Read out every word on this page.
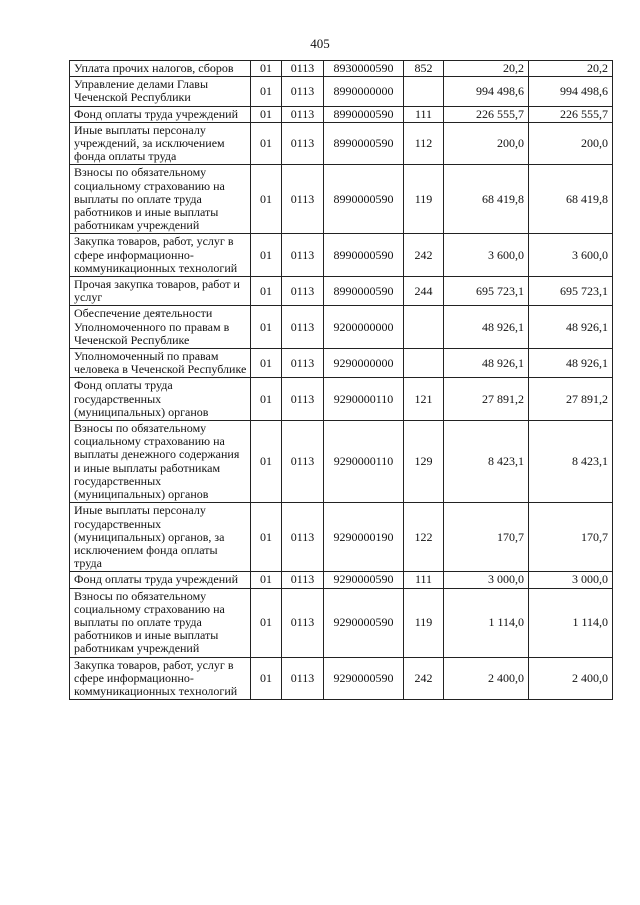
405
Уплата прочих налогов, сборов	01	0113	8930000590	852	20,2	20,2
Управление делами Главы Чеченской Республики	01	0113	8990000000		994 498,6	994 498,6
Фонд оплаты труда учреждений	01	0113	8990000590	111	226 555,7	226 555,7
Иные выплаты персоналу учреждений, за исключением фонда оплаты труда	01	0113	8990000590	112	200,0	200,0
Взносы по обязательному социальному страхованию на выплаты по оплате труда работников и иные выплаты работникам учреждений	01	0113	8990000590	119	68 419,8	68 419,8
Закупка товаров, работ, услуг в сфере информационно-коммуникационных технологий	01	0113	8990000590	242	3 600,0	3 600,0
Прочая закупка товаров, работ и услуг	01	0113	8990000590	244	695 723,1	695 723,1
Обеспечение деятельности Уполномоченного по правам в Чеченской Республике	01	0113	9200000000		48 926,1	48 926,1
Уполномоченный по правам человека в Чеченской Республике	01	0113	9290000000		48 926,1	48 926,1
Фонд оплаты труда государственных (муниципальных) органов	01	0113	9290000110	121	27 891,2	27 891,2
Взносы по обязательному социальному страхованию на выплаты денежного содержания и иные выплаты работникам государственных (муниципальных) органов	01	0113	9290000110	129	8 423,1	8 423,1
Иные выплаты персоналу государственных (муниципальных) органов, за исключением фонда оплаты труда	01	0113	9290000190	122	170,7	170,7
Фонд оплаты труда учреждений	01	0113	9290000590	111	3 000,0	3 000,0
Взносы по обязательному социальному страхованию на выплаты по оплате труда работников и иные выплаты работникам учреждений	01	0113	9290000590	119	1 114,0	1 114,0
Закупка товаров, работ, услуг в сфере информационно-коммуникационных технологий	01	0113	9290000590	242	2 400,0	2 400,0
